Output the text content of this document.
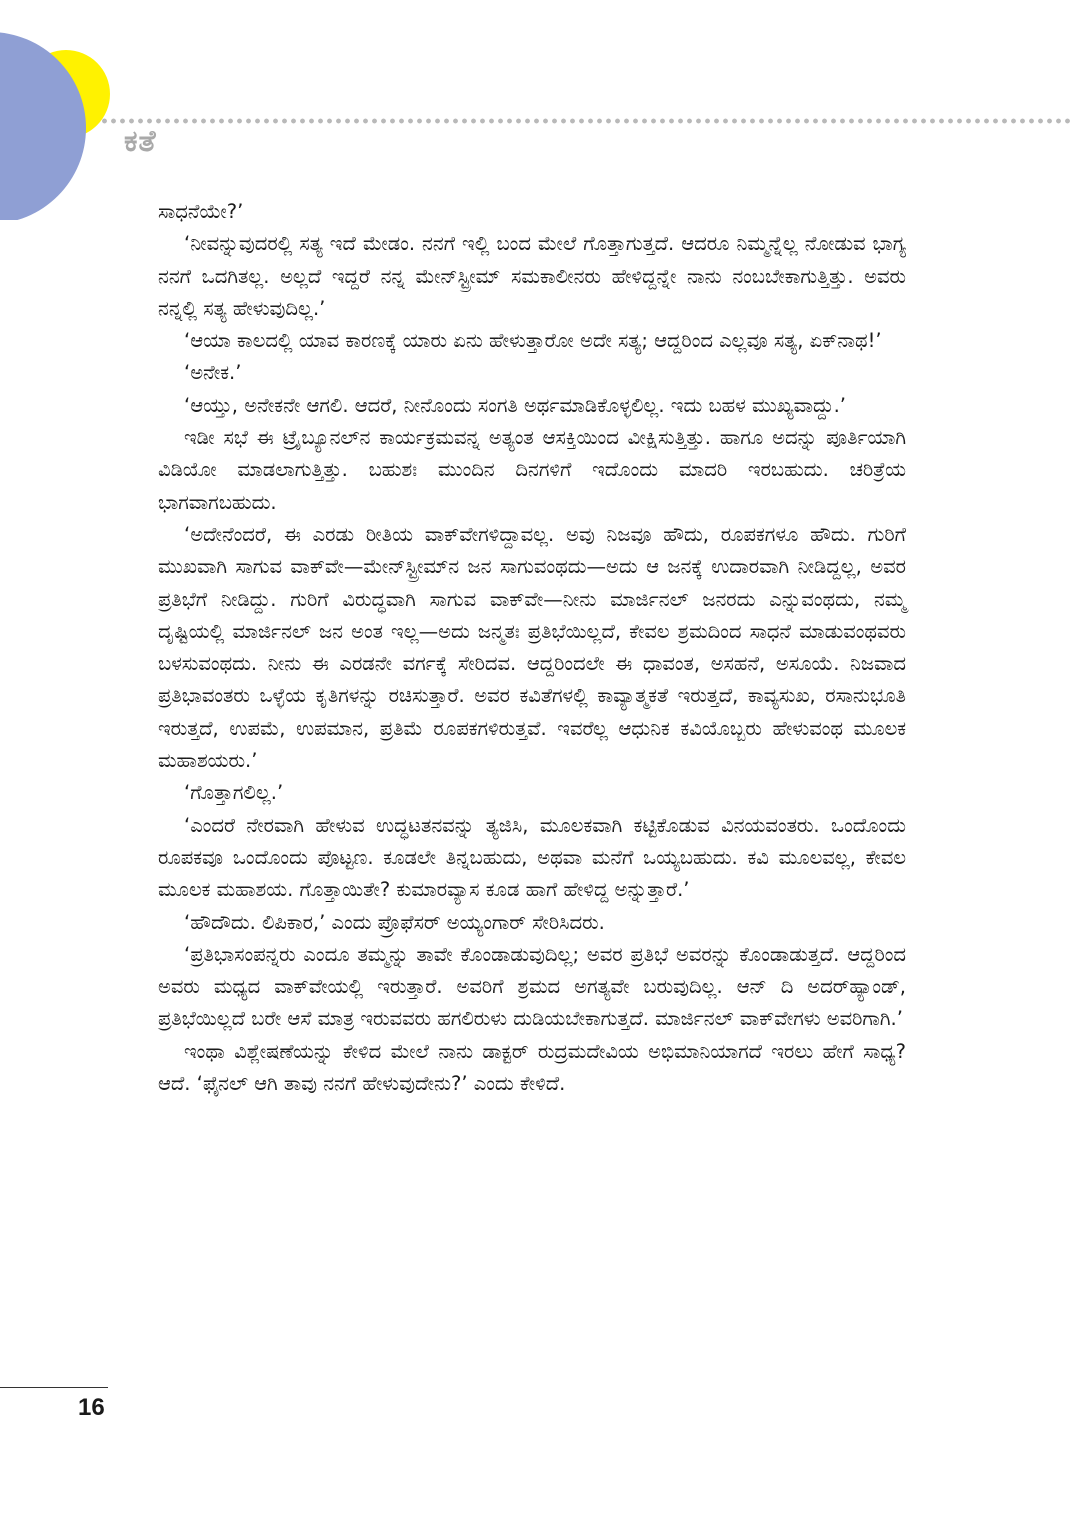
ಕತೆ

ಸಾಧನೆಯೇ?’

‘ನೀವನ್ನುವುದರಲ್ಲಿ ಸತ್ಯ ಇದೆ ಮೇಡಂ. ನನಗೆ ಇಲ್ಲಿ ಬಂದ ಮೇಲೆ ಗೊತ್ತಾಗುತ್ತದೆ. ಆದರೂ ನಿಮ್ಮನ್ನೆಲ್ಲ ನೋಡುವ ಭಾಗ್ಯ ನನಗೆ ಒದಗಿತಲ್ಲ. ಅಲ್ಲದೆ ಇದ್ದರೆ ನನ್ನ ಮೇನ್‌ಸ್ಟ್ರೀಮ್ ಸಮಕಾಲೀನರು ಹೇಳಿದ್ದನ್ನೇ ನಾನು ನಂಬಬೇಕಾಗುತ್ತಿತ್ತು. ಅವರು ನನ್ನಲ್ಲಿ ಸತ್ಯ ಹೇಳುವುದಿಲ್ಲ.’

‘ಆಯಾ ಕಾಲದಲ್ಲಿ ಯಾವ ಕಾರಣಕ್ಕೆ ಯಾರು ಏನು ಹೇಳುತ್ತಾರೋ ಅದೇ ಸತ್ಯ; ಆದ್ದರಿಂದ ಎಲ್ಲವೂ ಸತ್ಯ, ಏಕ್‌ನಾಥ!’

‘ಅನೇಕ.’

‘ಆಯ್ತು, ಅನೇಕನೇ ಆಗಲಿ. ಆದರೆ, ನೀನೊಂದು ಸಂಗತಿ ಅರ್ಥಮಾಡಿಕೊಳ್ಳಲಿಲ್ಲ. ಇದು ಬಹಳ ಮುಖ್ಯವಾದ್ದು.’

ಇಡೀ ಸಭೆ ಈ ಟ್ರೈಬ್ಯೂನಲ್‌ನ ಕಾರ್ಯಕ್ರಮವನ್ನ ಅತ್ಯಂತ ಆಸಕ್ತಿಯಿಂದ ವೀಕ್ಷಿಸುತ್ತಿತ್ತು. ಹಾಗೂ ಅದನ್ನು ಪೂರ್ತಿಯಾಗಿ ವಿಡಿಯೋ ಮಾಡಲಾಗುತ್ತಿತ್ತು. ಬಹುಶಃ ಮುಂದಿನ ದಿನಗಳಿಗೆ ಇದೊಂದು ಮಾದರಿ ಇರಬಹುದು. ಚರಿತ್ರೆಯ ಭಾಗವಾಗಬಹುದು.

‘ಅದೇನೆಂದರೆ, ಈ ಎರಡು ರೀತಿಯ ವಾಕ್‌ವೇಗಳಿದ್ದಾವಲ್ಲ. ಅವು ನಿಜವೂ ಹೌದು, ರೂಪಕಗಳೂ ಹೌದು. ಗುರಿಗೆ ಮುಖವಾಗಿ ಸಾಗುವ ವಾಕ್‌ವೇ—ಮೇನ್‌ಸ್ಟ್ರೀಮ್‌ನ ಜನ ಸಾಗುವಂಥದು—ಅದು ಆ ಜನಕ್ಕೆ ಉದಾರವಾಗಿ ನೀಡಿದ್ದಲ್ಲ, ಅವರ ಪ್ರತಿಭೆಗೆ ನೀಡಿದ್ದು. ಗುರಿಗೆ ವಿರುದ್ಧವಾಗಿ ಸಾಗುವ ವಾಕ್‌ವೇ—ನೀನು ಮಾರ್ಜಿನಲ್ ಜನರದು ಎನ್ನುವಂಥದು, ನಮ್ಮ ದೃಷ್ಟಿಯಲ್ಲಿ ಮಾರ್ಜಿನಲ್ ಜನ ಅಂತ ಇಲ್ಲ—ಅದು ಜನ್ಮತಃ ಪ್ರತಿಭೆಯಿಲ್ಲದೆ, ಕೇವಲ ಶ್ರಮದಿಂದ ಸಾಧನೆ ಮಾಡುವಂಥವರು ಬಳಸುವಂಥದು. ನೀನು ಈ ಎರಡನೇ ವರ್ಗಕ್ಕೆ ಸೇರಿದವ. ಆದ್ದರಿಂದಲೇ ಈ ಧಾವಂತ, ಅಸಹನೆ, ಅಸೂಯೆ. ನಿಜವಾದ ಪ್ರತಿಭಾವಂತರು ಒಳ್ಳೆಯ ಕೃತಿಗಳನ್ನು ರಚಿಸುತ್ತಾರೆ. ಅವರ ಕವಿತೆಗಳಲ್ಲಿ ಕಾವ್ಯಾತ್ಮಕತೆ ಇರುತ್ತದೆ, ಕಾವ್ಯಸುಖ, ರಸಾನುಭೂತಿ ಇರುತ್ತದೆ, ಉಪಮೆ, ಉಪಮಾನ, ಪ್ರತಿಮೆ ರೂಪಕಗಳಿರುತ್ತವೆ. ಇವರೆಲ್ಲ ಆಧುನಿಕ ಕವಿಯೊಬ್ಬರು ಹೇಳುವಂಥ ಮೂಲಕ ಮಹಾಶಯರು.’

‘ಗೊತ್ತಾಗಲಿಲ್ಲ.’

‘ಎಂದರೆ ನೇರವಾಗಿ ಹೇಳುವ ಉದ್ಧಟತನವನ್ನು ತ್ಯಜಿಸಿ, ಮೂಲಕವಾಗಿ ಕಟ್ಟಿಕೊಡುವ ವಿನಯವಂತರು. ಒಂದೊಂದು ರೂಪಕವೂ ಒಂದೊಂದು ಪೊಟ್ಟಣ. ಕೂಡಲೇ ತಿನ್ನಬಹುದು, ಅಥವಾ ಮನೆಗೆ ಒಯ್ಯಬಹುದು. ಕವಿ ಮೂಲವಲ್ಲ, ಕೇವಲ ಮೂಲಕ ಮಹಾಶಯ. ಗೊತ್ತಾಯಿತೇ? ಕುಮಾರವ್ಯಾಸ ಕೂಡ ಹಾಗೆ ಹೇಳಿದ್ದ ಅನ್ನುತ್ತಾರೆ.’

‘ಹೌದೌದು. ಲಿಪಿಕಾರ,’ ಎಂದು ಪ್ರೊಫೆಸರ್ ಅಯ್ಯಂಗಾರ್ ಸೇರಿಸಿದರು.

‘ಪ್ರತಿಭಾಸಂಪನ್ನರು ಎಂದೂ ತಮ್ಮನ್ನು ತಾವೇ ಕೊಂಡಾಡುವುದಿಲ್ಲ; ಅವರ ಪ್ರತಿಭೆ ಅವರನ್ನು ಕೊಂಡಾಡುತ್ತದೆ. ಆದ್ದರಿಂದ ಅವರು ಮಧ್ಯದ ವಾಕ್‌ವೇಯಲ್ಲಿ ಇರುತ್ತಾರೆ. ಅವರಿಗೆ ಶ್ರಮದ ಅಗತ್ಯವೇ ಬರುವುದಿಲ್ಲ. ಆನ್ ದಿ ಅದರ್‌ಹ್ಯಾಂಡ್, ಪ್ರತಿಭೆಯಿಲ್ಲದೆ ಬರೇ ಆಸೆ ಮಾತ್ರ ಇರುವವರು ಹಗಲಿರುಳು ದುಡಿಯಬೇಕಾಗುತ್ತದೆ. ಮಾರ್ಜಿನಲ್ ವಾಕ್‌ವೇಗಳು ಅವರಿಗಾಗಿ.’

ಇಂಥಾ ವಿಶ್ಲೇಷಣೆಯನ್ನು ಕೇಳಿದ ಮೇಲೆ ನಾನು ಡಾಕ್ಟರ್ ರುದ್ರಮದೇವಿಯ ಅಭಿಮಾನಿಯಾಗದೆ ಇರಲು ಹೇಗೆ ಸಾಧ್ಯ? ಆದೆ. ‘ಫೈನಲ್ ಆಗಿ ತಾವು ನನಗೆ ಹೇಳುವುದೇನು?’ ಎಂದು ಕೇಳಿದೆ.

16
